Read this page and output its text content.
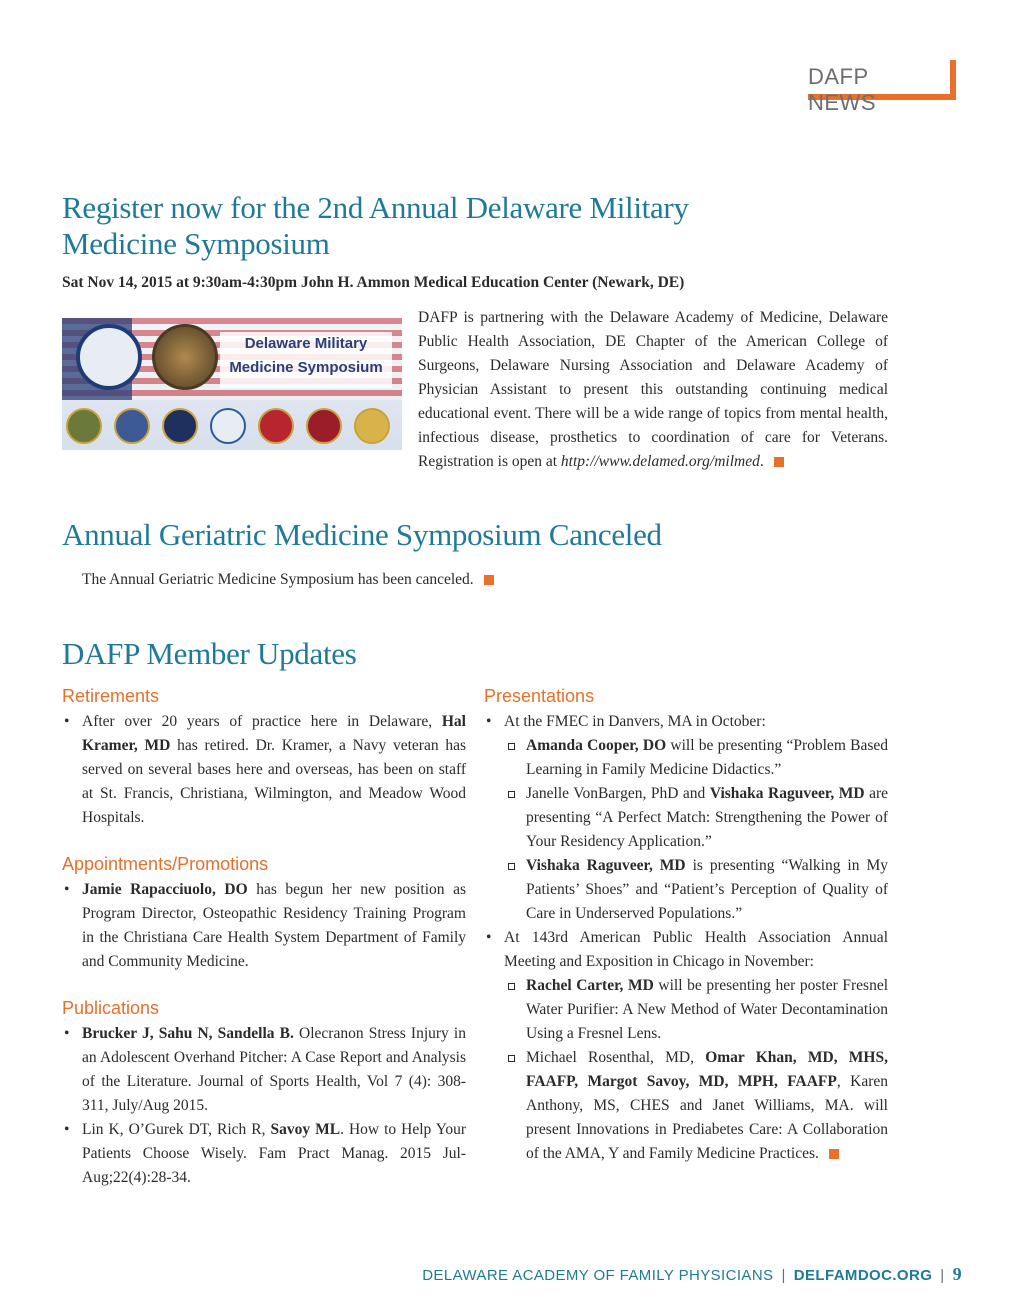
DAFP NEWS
Register now for the 2nd Annual Delaware Military
Medicine Symposium
Sat Nov 14, 2015 at 9:30am-4:30pm John H. Ammon Medical Education Center (Newark, DE)
Delaware Military
Medicine Symposium
DAFP is partnering with the Delaware Academy of Medicine, Delaware Public Health Association, DE Chapter of the American College of Surgeons, Delaware Nursing Association and Delaware Academy of Physician Assistant to present this outstanding continuing medical educational event. There will be a wide range of topics from mental health, infectious disease, prosthetics to coordination of care for Veterans. Registration is open at http://www.delamed.org/milmed.
Annual Geriatric Medicine Symposium Canceled
The Annual Geriatric Medicine Symposium has been canceled.
DAFP Member Updates
Retirements
• After over 20 years of practice here in Delaware, Hal Kramer, MD has retired. Dr. Kramer, a Navy veteran has served on several bases here and overseas, has been on staff at St. Francis, Christiana, Wilmington, and Meadow Wood Hospitals.
Appointments/Promotions
• Jamie Rapacciuolo, DO has begun her new position as Program Director, Osteopathic Residency Training Program in the Christiana Care Health System Department of Family and Community Medicine.
Publications
• Brucker J, Sahu N, Sandella B. Olecranon Stress Injury in an Adolescent Overhand Pitcher: A Case Report and Analysis of the Literature. Journal of Sports Health, Vol 7 (4): 308-311, July/Aug 2015.
• Lin K, O’Gurek DT, Rich R, Savoy ML. How to Help Your Patients Choose Wisely. Fam Pract Manag. 2015 Jul-Aug;22(4):28-34.
Presentations
• At the FMEC in Danvers, MA in October:
Amanda Cooper, DO will be presenting “Problem Based Learning in Family Medicine Didactics.”
Janelle VonBargen, PhD and Vishaka Raguveer, MD are presenting “A Perfect Match: Strengthening the Power of Your Residency Application.”
Vishaka Raguveer, MD is presenting “Walking in My Patients’ Shoes” and “Patient’s Perception of Quality of Care in Underserved Populations.”
• At 143rd American Public Health Association Annual Meeting and Exposition in Chicago in November:
Rachel Carter, MD will be presenting her poster Fresnel Water Purifier: A New Method of Water Decontamination Using a Fresnel Lens.
Michael Rosenthal, MD, Omar Khan, MD, MHS, FAAFP, Margot Savoy, MD, MPH, FAAFP, Karen Anthony, MS, CHES and Janet Williams, MA. will present Innovations in Prediabetes Care: A Collaboration of the AMA, Y and Family Medicine Practices.
DELAWARE ACADEMY OF FAMILY PHYSICIANS | DELFAMDOC.ORG | 9
